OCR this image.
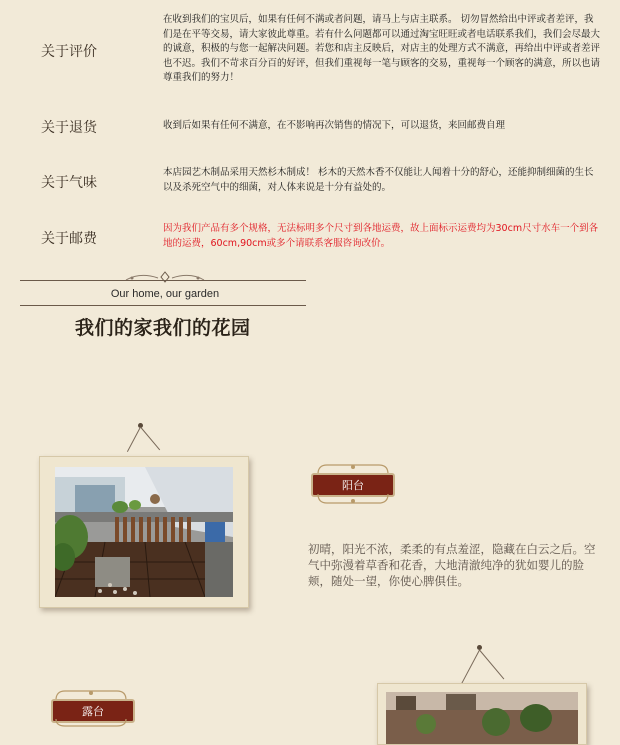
关于评价
在收到我们的宝贝后，如果有任何不满或者问题，请马上与店主联系。 切勿冒然给出中评或者差评，我们是在平等交易，请大家彼此尊重。若有什么问题都可以通过淘宝旺旺或者电话联系我们，我们会尽最大的诚意，积极的与您一起解决问题。若您和店主反映后，对店主的处理方式不满意，再给出中评或者差评也不迟。我们不苛求百分百的好评，但我们重视每一笔与顾客的交易，重视每一个顾客的满意，所以也请尊重我们的努力！
关于退货	收到后如果有任何不满意，在不影响再次销售的情况下，可以退货，来回邮费自理
关于气味
本店园艺木制品采用天然杉木制成！ 杉木的天然木香不仅能让人闻着十分的舒心，还能抑制细菌的生长以及杀死空气中的细菌，对人体来说是十分有益处的。
关于邮费
因为我们产品有多个规格，无法标明多个尺寸到各地运费，故上面标示运费均为30cm尺寸水车一个到各地的运费，60cm,90cm或多个请联系客服咨询改价。
Our home, our garden
我们的家我们的花园
阳台
初晴，阳光不浓，柔柔的有点羞涩，隐藏在白云之后。空气中弥漫着草香和花香，大地清澈纯净的犹如婴儿的脸颊，随处一望，你使心脾俱佳。
露台
